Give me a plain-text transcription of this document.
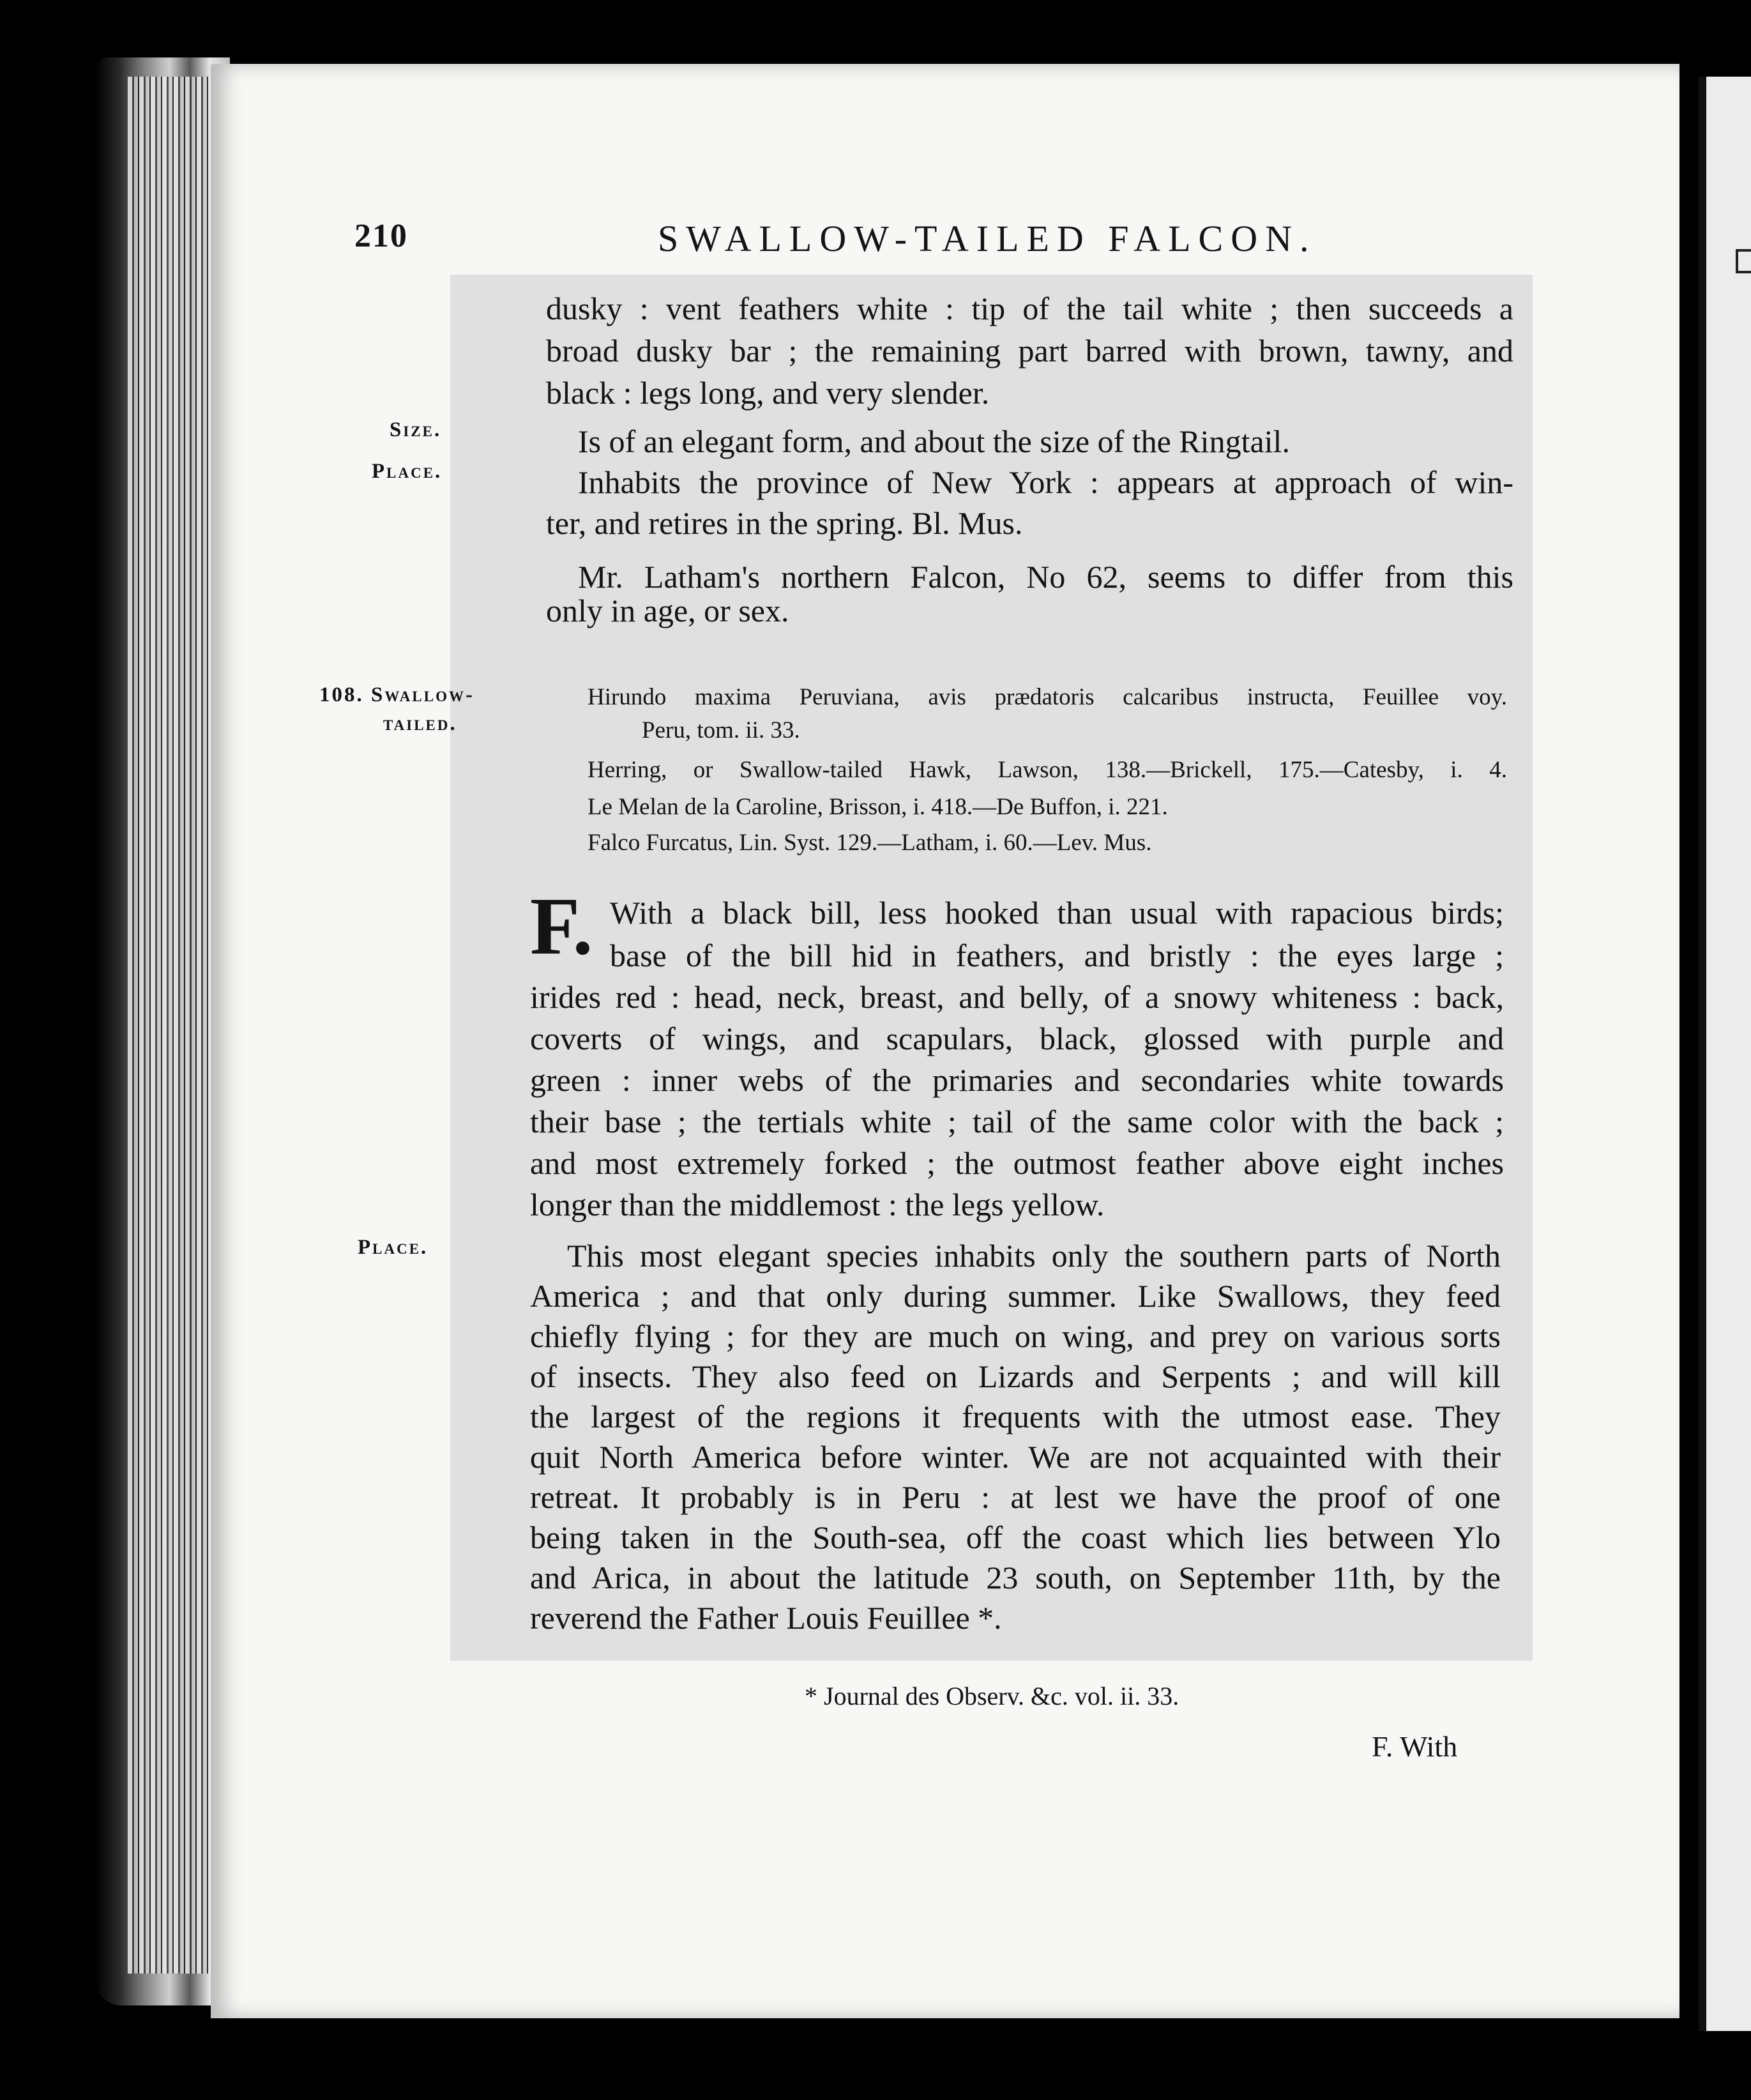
210	SWALLOW-TAILED FALCON.
Size.
Place.
108. Swallow-
tailed.
Place.
dusky : vent feathers white : tip of the tail white ; then succeeds a
broad dusky bar ; the remaining part barred with brown, tawny, and
black : legs long, and very slender.
Is of an elegant form, and about the size of the Ringtail.
Inhabits the province of New York : appears at approach of win-
ter, and retires in the spring. Bl. Mus.
Mr. Latham's northern Falcon, No 62, seems to differ from this
only in age, or sex.
Hirundo maxima Peruviana, avis prædatoris calcaribus instructa, Feuillee voy.
Peru, tom. ii. 33.
Herring, or Swallow-tailed Hawk, Lawson, 138.—Brickell, 175.—Catesby, i. 4.
Le Melan de la Caroline, Brisson, i. 418.—De Buffon, i. 221.
Falco Furcatus, Lin. Syst. 129.—Latham, i. 60.—Lev. Mus.
F. With a black bill, less hooked than usual with rapacious birds;
base of the bill hid in feathers, and bristly : the eyes large ;
irides red : head, neck, breast, and belly, of a snowy whiteness : back,
coverts of wings, and scapulars, black, glossed with purple and
green : inner webs of the primaries and secondaries white towards
their base ; the tertials white ; tail of the same color with the back ;
and most extremely forked ; the outmost feather above eight inches
longer than the middlemost : the legs yellow.
This most elegant species inhabits only the southern parts of North
America ; and that only during summer. Like Swallows, they feed
chiefly flying ; for they are much on wing, and prey on various sorts
of insects. They also feed on Lizards and Serpents ; and will kill
the largest of the regions it frequents with the utmost ease. They
quit North America before winter. We are not acquainted with their
retreat. It probably is in Peru : at lest we have the proof of one
being taken in the South-sea, off the coast which lies between Ylo
and Arica, in about the latitude 23 south, on September 11th, by the
reverend the Father Louis Feuillee *.
* Journal des Observ. &c. vol. ii. 33.
F. With
